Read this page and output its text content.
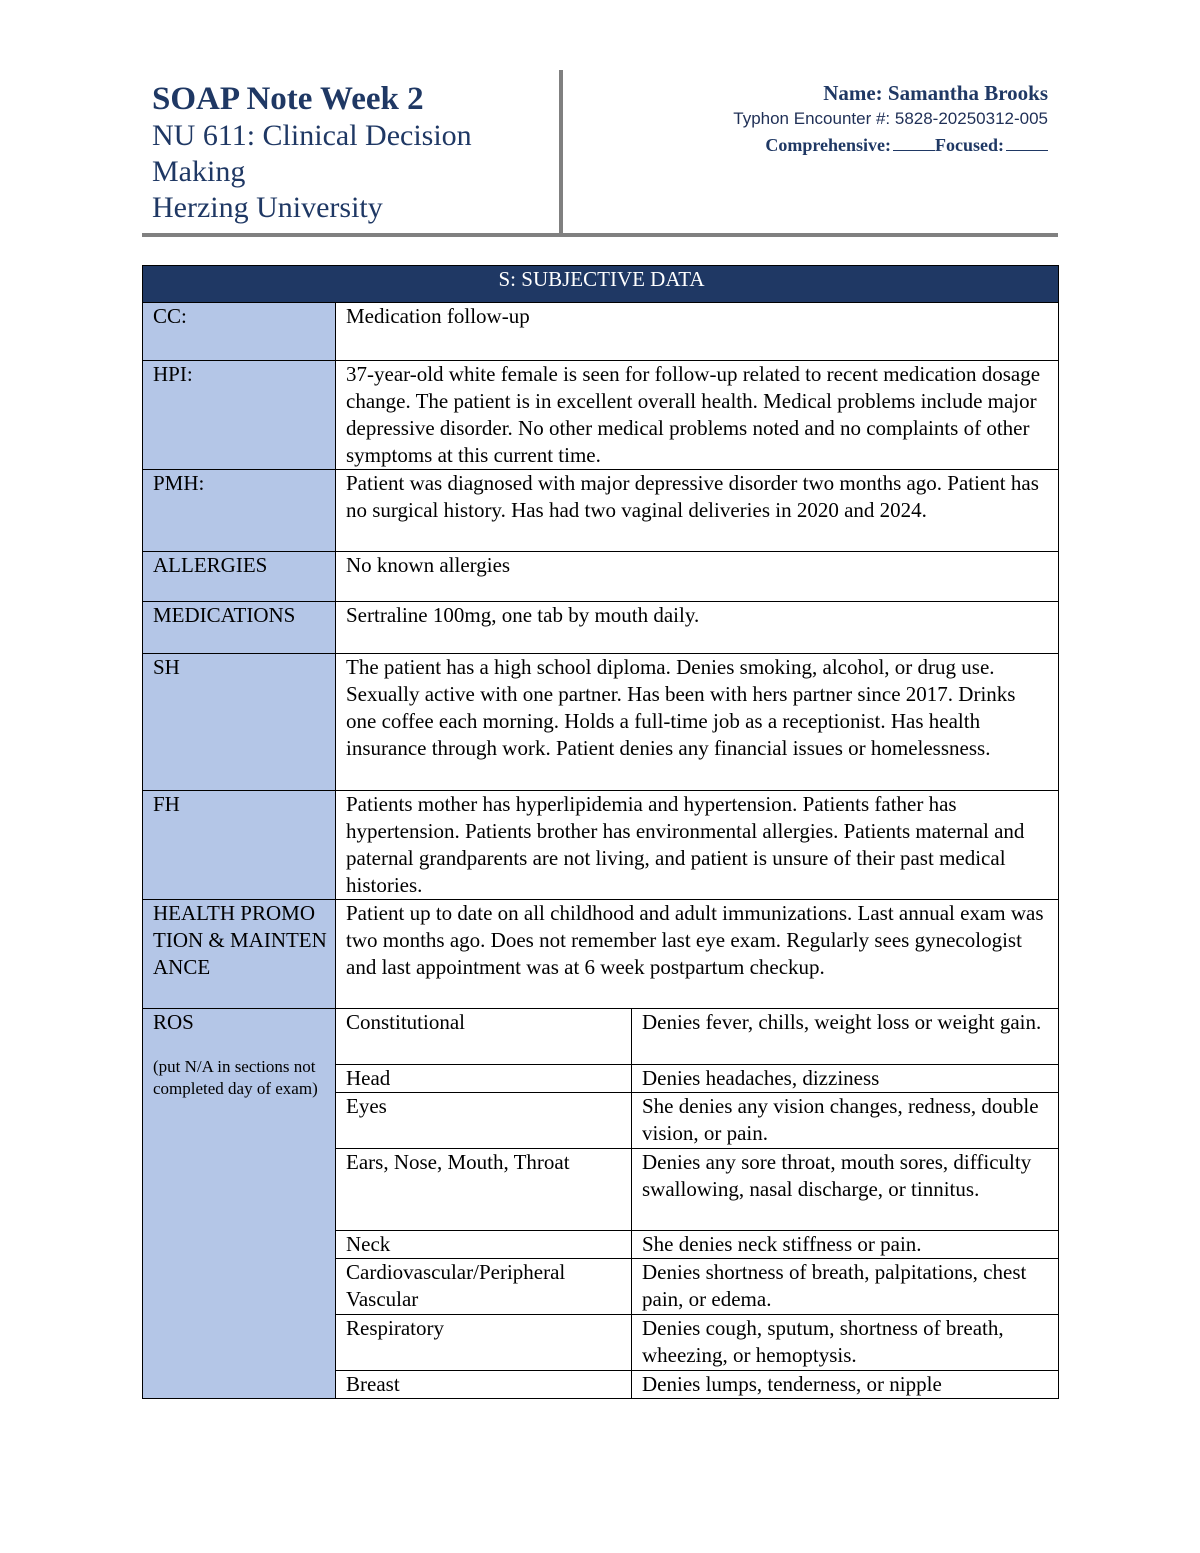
SOAP Note Week 2
NU 611: Clinical Decision Making
Herzing University
Name: Samantha Brooks
Typhon Encounter #: 5828-20250312-005
Comprehensive: Focused:
S: SUBJECTIVE DATA		
CC:	Medication follow-up	
HPI:	37-year-old white female is seen for follow-up related to recent medication dosage change. The patient is in excellent overall health. Medical problems include major depressive disorder. No other medical problems noted and no complaints of other symptoms at this current time.	
PMH:	Patient was diagnosed with major depressive disorder two months ago. Patient has no surgical history. Has had two vaginal deliveries in 2020 and 2024.	
ALLERGIES	No known allergies	
MEDICATIONS	Sertraline 100mg, one tab by mouth daily.	
SH	The patient has a high school diploma. Denies smoking, alcohol, or drug use. Sexually active with one partner. Has been with hers partner since 2017. Drinks one coffee each morning. Holds a full-time job as a receptionist. Has health insurance through work. Patient denies any financial issues or homelessness.	
FH	Patients mother has hyperlipidemia and hypertension. Patients father has hypertension. Patients brother has environmental allergies. Patients maternal and paternal grandparents are not living, and patient is unsure of their past medical histories.	
HEALTH PROMOTION & MAINTENANCE	Patient up to date on all childhood and adult immunizations. Last annual exam was two months ago. Does not remember last eye exam. Regularly sees gynecologist and last appointment was at 6 week postpartum checkup.	
ROS
(put N/A in sections not completed day of exam)	Constitutional	Denies fever, chills, weight loss or weight gain.
	Head	Denies headaches, dizziness
	Eyes	She denies any vision changes, redness, double vision, or pain.
	Ears, Nose, Mouth, Throat	Denies any sore throat, mouth sores, difficulty swallowing, nasal discharge, or tinnitus.
	Neck	She denies neck stiffness or pain.
	Cardiovascular/Peripheral Vascular	Denies shortness of breath, palpitations, chest pain, or edema.
	Respiratory	Denies cough, sputum, shortness of breath, wheezing, or hemoptysis.
	Breast	Denies lumps, tenderness, or nipple
